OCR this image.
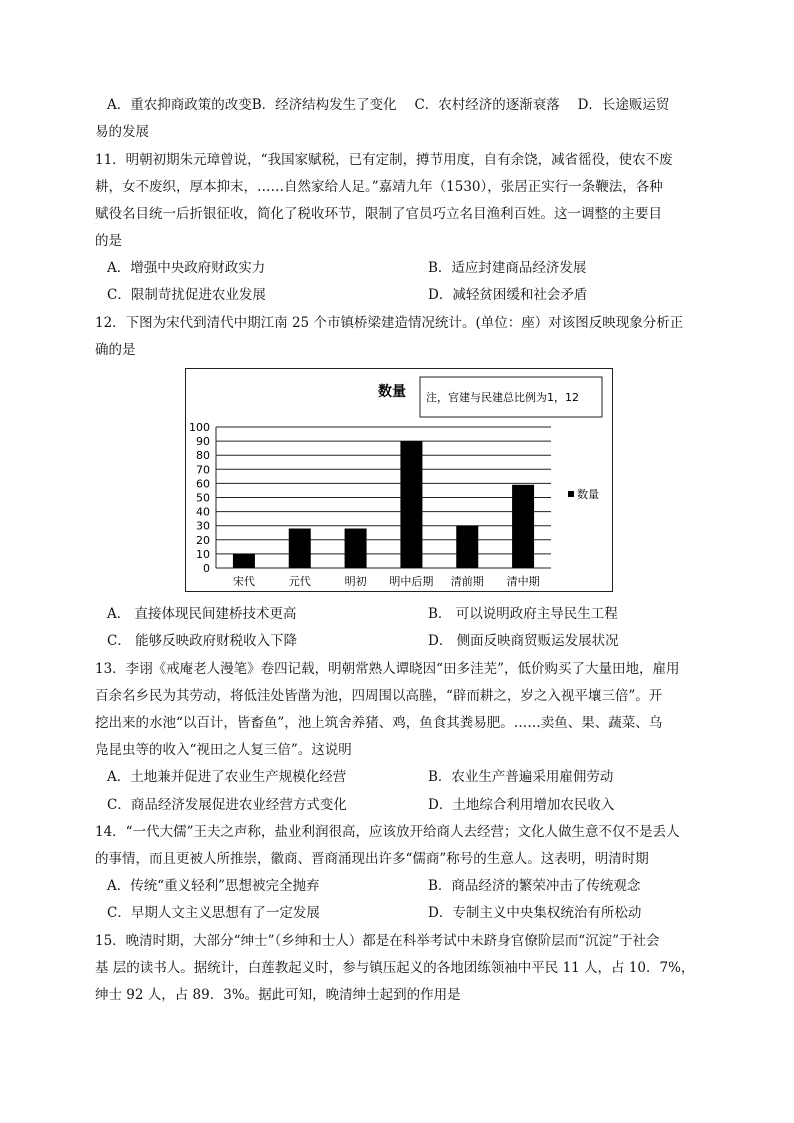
A．重农抑商政策的改变B．经济结构发生了变化　 C．农村经济的逐渐衰落　 D．长途贩运贸
易的发展
11．明朝初期朱元璋曾说，“我国家赋税，已有定制，撙节用度，自有余饶，减省徭役，使农不废
耕，女不废织，厚本抑末，……自然家给人足。”嘉靖九年（1530），张居正实行一条鞭法，各种
赋役名目统一后折银征收，简化了税收环节，限制了官员巧立名目渔利百姓。这一调整的主要目
的是
A．增强中央政府财政实力	B．适应封建商品经济发展
C．限制苛扰促进农业发展	D．减轻贫困缓和社会矛盾
12．下图为宋代到清代中期江南 25 个市镇桥梁建造情况统计。(单位：座）对该图反映现象分析正
确的是
数量 注，官建与民建总比例为1，12
0
10
20
30
40
50
60
70
80
90
100
宋代	元代	明初 明中后期 清前期 清中期
数量
A． 直接体现民间建桥技术更高	B． 可以说明政府主导民生工程
C． 能够反映政府财税收入下降	D． 侧面反映商贸贩运发展状况
13．李诩《戒庵老人漫笔》卷四记载，明朝常熟人谭晓因“田多洼芜”，低价购买了大量田地，雇用
百余名乡民为其劳动，将低洼处皆凿为池，四周围以高塍，“辟而耕之，岁之入视平壤三倍”。开
挖出来的水池“以百计，皆畜鱼”，池上筑舍养猪、鸡，鱼食其粪易肥。……卖鱼、果、蔬菜、乌
凫昆虫等的收入“视田之人复三倍”。这说明
A．土地兼并促进了农业生产规模化经营	B．农业生产普遍采用雇佣劳动
C．商品经济发展促进农业经营方式变化	D．土地综合利用增加农民收入
14．“一代大儒”王夫之声称，盐业利润很高，应该放开给商人去经营；文化人做生意不仅不是丢人
的事情，而且更被人所推崇，徽商、晋商涌现出许多“儒商”称号的生意人。这表明，明清时期
A．传统“重义轻利”思想被完全抛弃	B．商品经济的繁荣冲击了传统观念
C．早期人文主义思想有了一定发展	D．专制主义中央集权统治有所松动
15．晚清时期，大部分“绅士”（乡绅和士人）都是在科举考试中未跻身官僚阶层而“沉淀”于社会
基 层的读书人。据统计，白莲教起义时，参与镇压起义的各地团练领袖中平民 11 人，占 10．7%，
绅士 92 人，占 89．3%。据此可知，晚清绅士起到的作用是
